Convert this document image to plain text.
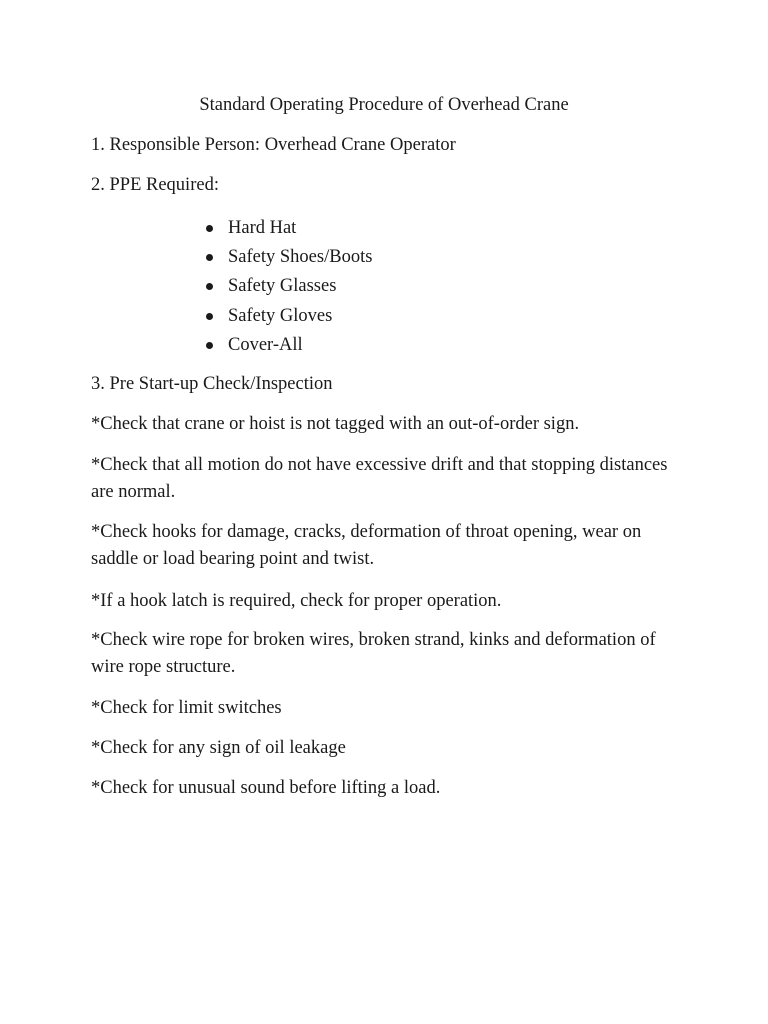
Standard Operating Procedure of Overhead Crane

1. Responsible Person: Overhead Crane Operator

2. PPE Required:

Hard Hat
Safety Shoes/Boots
Safety Glasses
Safety Gloves
Cover-All

3. Pre Start-up Check/Inspection

*Check that crane or hoist is not tagged with an out-of-order sign.

*Check that all motion do not have excessive drift and that stopping distances are normal.

*Check hooks for damage, cracks, deformation of throat opening, wear on saddle or load bearing point and twist.

*If a hook latch is required, check for proper operation.

*Check wire rope for broken wires, broken strand, kinks and deformation of wire rope structure.

*Check for limit switches

*Check for any sign of oil leakage

*Check for unusual sound before lifting a load.
